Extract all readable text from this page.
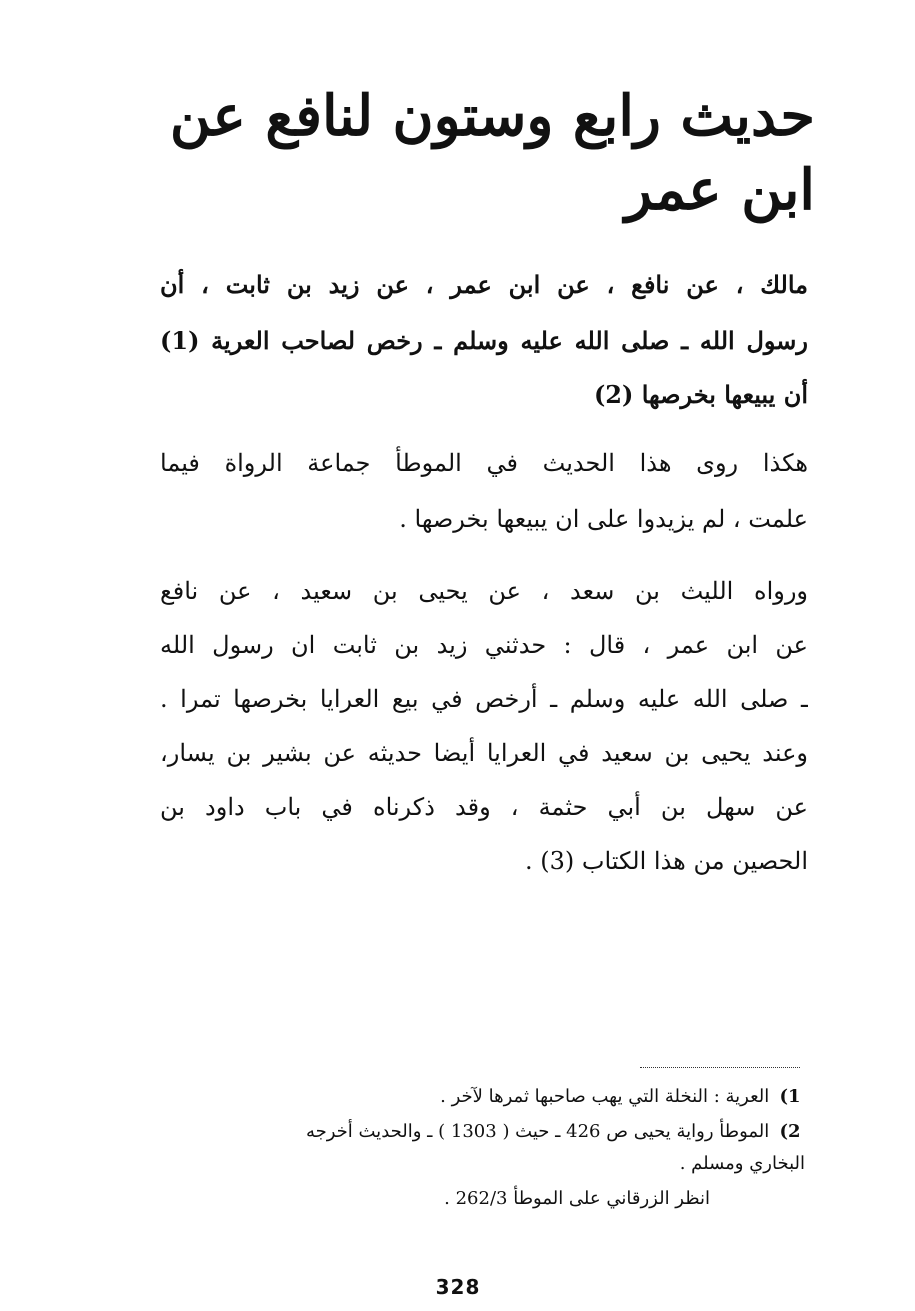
حديث رابع وستون لنافع عن
ابن عمر
مالك ، عن نافع ، عن ابن عمر ، عن زيد بن ثابت ، أن
رسول الله ـ صلى الله عليه وسلم ـ رخص لصاحب العرية (1)
أن يبيعها بخرصها (2)
هكذا روى هذا الحديث في الموطأ جماعة الرواة فيما
علمت ، لم يزيدوا على ان يبيعها بخرصها .
ورواه الليث بن سعد ، عن يحيى بن سعيد ، عن نافع
عن ابن عمر ، قال : حدثني زيد بن ثابت ان رسول الله
ـ صلى الله عليه وسلم ـ أرخص في بيع العرايا بخرصها تمرا .
وعند يحيى بن سعيد في العرايا أيضا حديثه عن بشير بن يسار،
عن سهل بن أبي حثمة ، وقد ذكرناه في باب داود بن
الحصين من هذا الكتاب (3) .
1) العرية : النخلة التي يهب صاحبها ثمرها لآخر .
2) الموطأ رواية يحيى ص 426 ـ حيث ( 1303 ) ـ والحديث أخرجه
البخاري ومسلم .
انظر الزرقاني على الموطأ 262/3 .
328
